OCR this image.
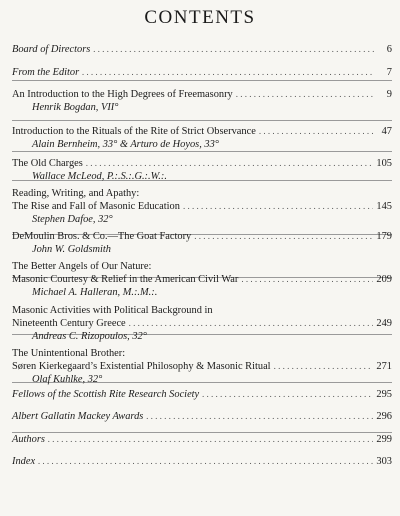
CONTENTS
Board of Directors . . .	6
From the Editor . . .	7
An Introduction to the High Degrees of Freemasonry . . .	9
Henrik Bogdan, VII°
Introduction to the Rituals of the Rite of Strict Observance . . .	47
Alain Bernheim, 33° & Arturo de Hoyos, 33°
The Old Charges . . .	105
Wallace McLeod, P.:.S.:.G.:.W.:.
Reading, Writing, and Apathy:
The Rise and Fall of Masonic Education . . .	145
Stephen Dafoe, 32°
DeMoulin Bros. & Co.—The Goat Factory . . .	179
John W. Goldsmith
The Better Angels of Our Nature:
Masonic Courtesy & Relief in the American Civil War . . .	209
Michael A. Halleran, M.:.M.:.
Masonic Activities with Political Background in
Nineteenth Century Greece . . .	249
Andreas C. Rizopoulos, 32°
The Unintentional Brother:
Søren Kierkegaard’s Existential Philosophy & Masonic Ritual . . .	271
Olaf Kuhlke, 32°
Fellows of the Scottish Rite Research Society . . .	295
Albert Gallatin Mackey Awards . . .	296
Authors . . .	299
Index . . .	303
